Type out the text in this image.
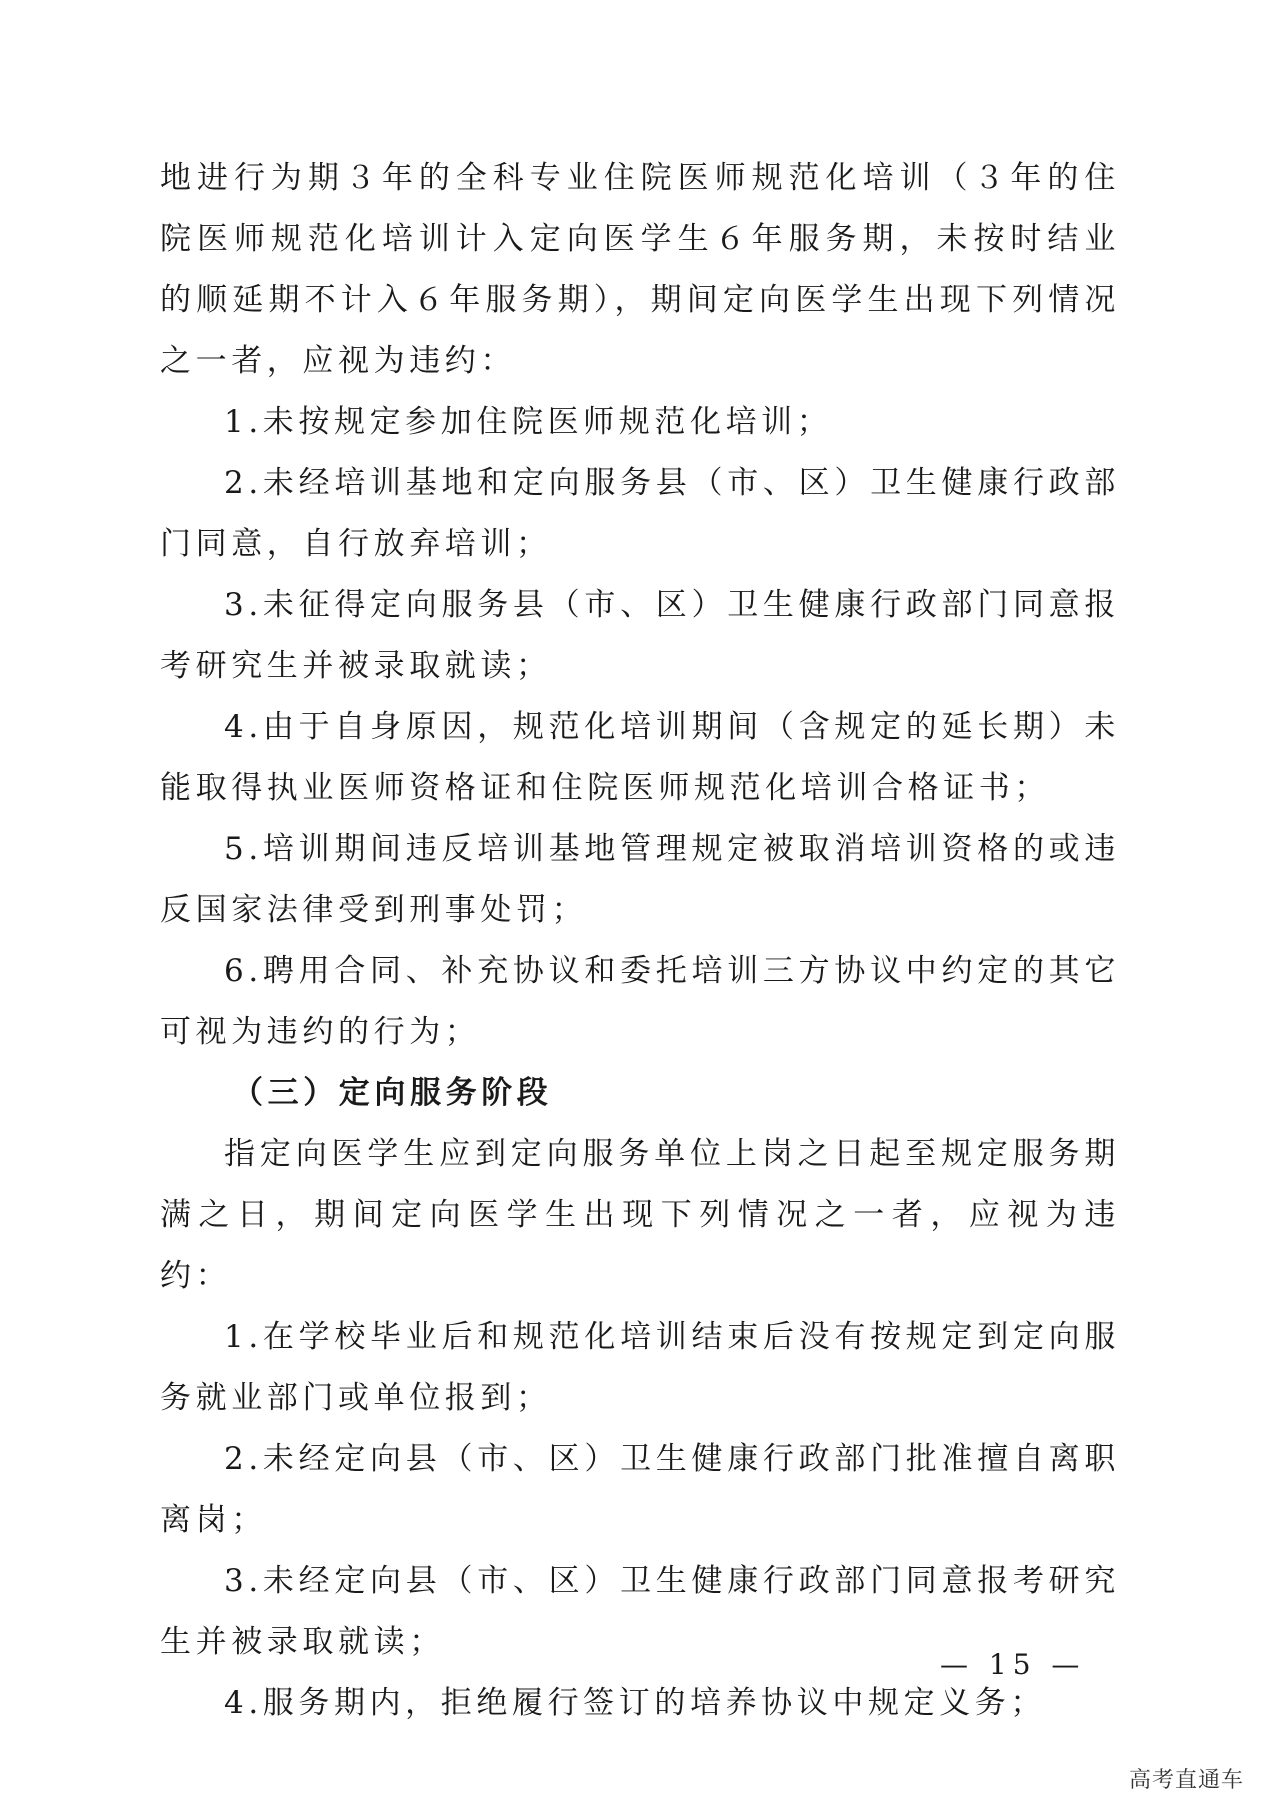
地进行为期３年的全科专业住院医师规范化培训（３年的住院医师规范化培训计入定向医学生６年服务期，未按时结业的顺延期不计入６年服务期），期间定向医学生出现下列情况之一者，应视为违约：

1.未按规定参加住院医师规范化培训；

2.未经培训基地和定向服务县（市、区）卫生健康行政部门同意，自行放弃培训；

3.未征得定向服务县（市、区）卫生健康行政部门同意报考研究生并被录取就读；

4.由于自身原因，规范化培训期间（含规定的延长期）未能取得执业医师资格证和住院医师规范化培训合格证书；

5.培训期间违反培训基地管理规定被取消培训资格的或违反国家法律受到刑事处罚；

6.聘用合同、补充协议和委托培训三方协议中约定的其它可视为违约的行为；

（三）定向服务阶段

指定向医学生应到定向服务单位上岗之日起至规定服务期满之日，期间定向医学生出现下列情况之一者，应视为违约：

1.在学校毕业后和规范化培训结束后没有按规定到定向服务就业部门或单位报到；

2.未经定向县（市、区）卫生健康行政部门批准擅自离职离岗；

3.未经定向县（市、区）卫生健康行政部门同意报考研究生并被录取就读；

4.服务期内，拒绝履行签订的培养协议中规定义务；

— 15 —
高考直通车
